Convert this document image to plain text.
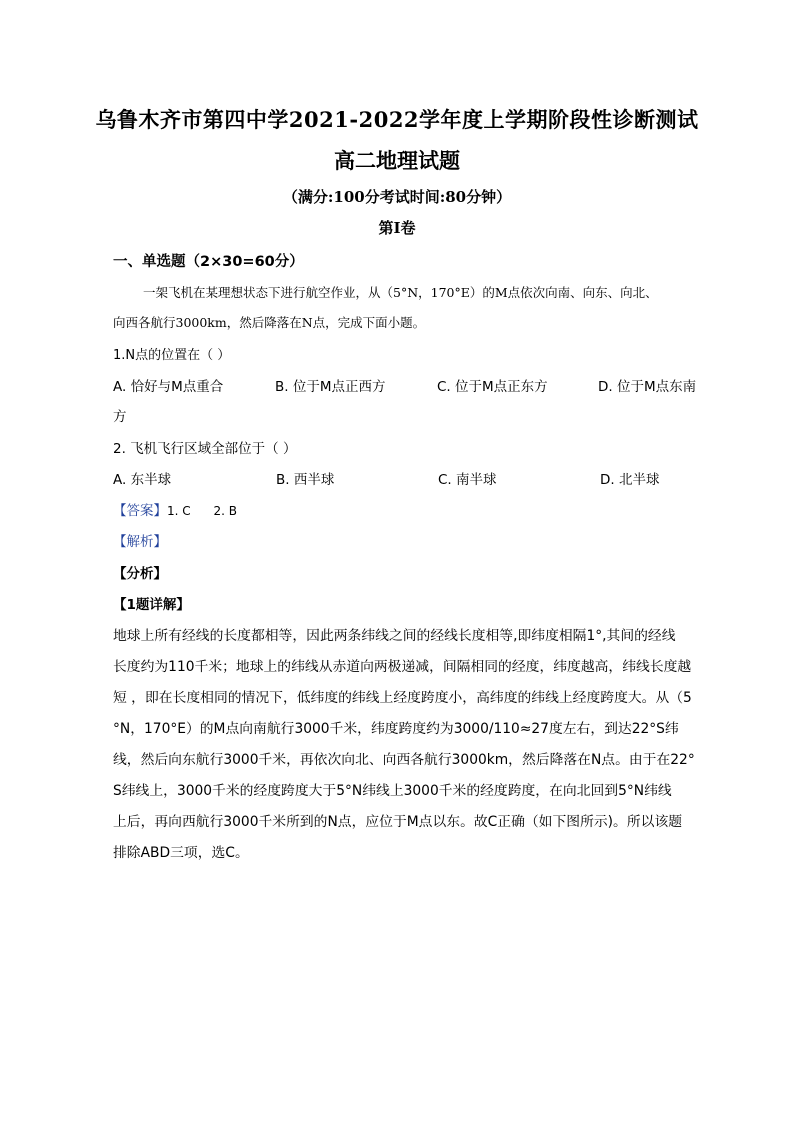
乌鲁木齐市第四中学2021-2022学年度上学期阶段性诊断测试
高二地理试题
（满分:100分考试时间:80分钟）
第Ⅰ卷
一、单选题（2×30=60分）
一架飞机在某理想状态下进行航空作业，从（5°N，170°E）的M点依次向南、向东、向北、
向西各航行3000km，然后降落在N点，完成下面小题。
1.N点的位置在（ ）
A. 恰好与M点重合	B. 位于M点正西方	C. 位于M点正东方	D. 位于M点东南
方
2. 飞机飞行区域全部位于（ ）
A. 东半球	B. 西半球	C. 南半球	D. 北半球
【答案】1. C      2. B
【解析】
【分析】
【1题详解】
地球上所有经线的长度都相等，因此两条纬线之间的经线长度相等,即纬度相隔1°,其间的经线
长度约为110千米；地球上的纬线从赤道向两极递减，间隔相同的经度，纬度越高，纬线长度越
短 ，即在长度相同的情况下，低纬度的纬线上经度跨度小，高纬度的纬线上经度跨度大。从（5
°N，170°E）的M点向南航行3000千米，纬度跨度约为3000/110≈27度左右，到达22°S纬
线，然后向东航行3000千米，再依次向北、向西各航行3000km，然后降落在N点。由于在22°
S纬线上，3000千米的经度跨度大于5°N纬线上3000千米的经度跨度，在向北回到5°N纬线
上后，再向西航行3000千米所到的N点，应位于M点以东。故C正确（如下图所示)。所以该题
排除ABD三项，选C。
